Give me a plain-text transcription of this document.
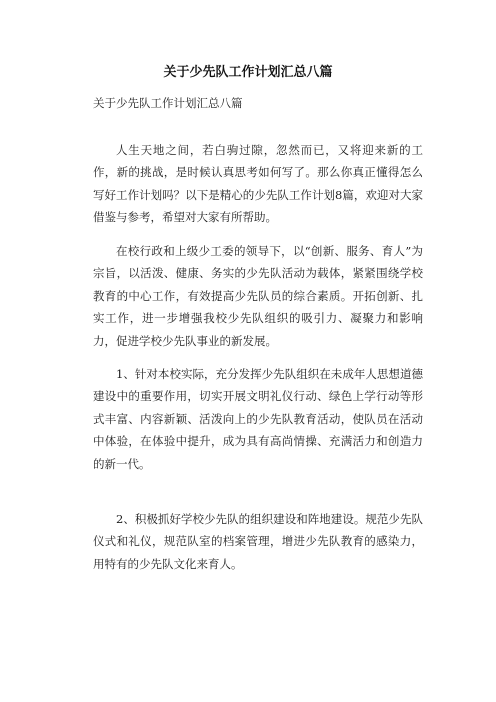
关于少先队工作计划汇总八篇

关于少先队工作计划汇总八篇

人生天地之间，若白驹过隙，忽然而已，又将迎来新的工作，新的挑战，是时候认真思考如何写了。那么你真正懂得怎么写好工作计划吗？以下是精心的少先队工作计划8篇，欢迎对大家借鉴与参考，希望对大家有所帮助。

在校行政和上级少工委的领导下，以“创新、服务、育人”为宗旨，以活泼、健康、务实的少先队活动为载体，紧紧围绕学校教育的中心工作，有效提高少先队员的综合素质。开拓创新、扎实工作，进一步增强我校少先队组织的吸引力、凝聚力和影响力，促进学校少先队事业的新发展。

1、针对本校实际，充分发挥少先队组织在未成年人思想道德建设中的重要作用，切实开展文明礼仪行动、绿色上学行动等形式丰富、内容新颖、活泼向上的少先队教育活动，使队员在活动中体验，在体验中提升，成为具有高尚情操、充满活力和创造力的新一代。

2、积极抓好学校少先队的组织建设和阵地建设。规范少先队仪式和礼仪，规范队室的档案管理，增进少先队教育的感染力，用特有的少先队文化来育人。
